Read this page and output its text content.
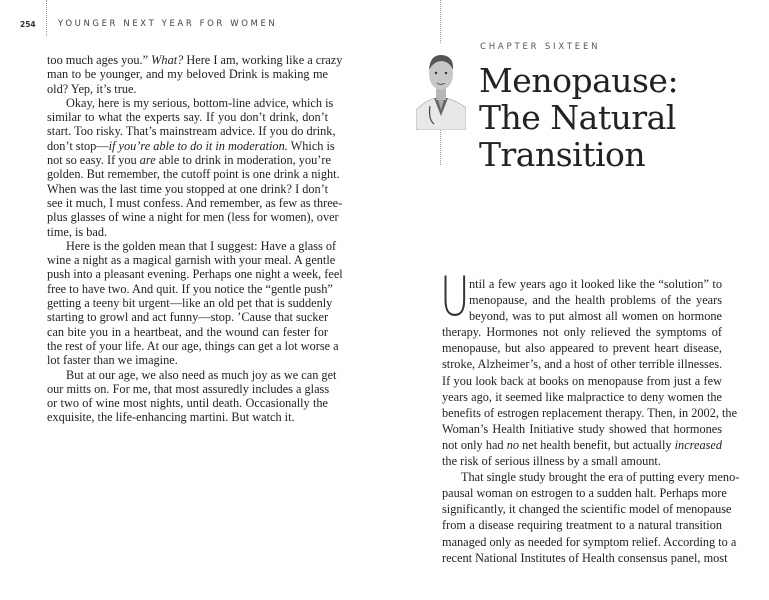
254	YOUNGER NEXT YEAR FOR WOMEN
too much ages you.” What? Here I am, working like a crazy
man to be younger, and my beloved Drink is making me
old? Yep, it’s true.
Okay, here is my serious, bottom-line advice, which is
similar to what the experts say. If you don’t drink, don’t
start. Too risky. That’s mainstream advice. If you do drink,
don’t stop—if you’re able to do it in moderation. Which is
not so easy. If you are able to drink in moderation, you’re
golden. But remember, the cutoff point is one drink a night.
When was the last time you stopped at one drink? I don’t
see it much, I must confess. And remember, as few as three-
plus glasses of wine a night for men (less for women), over
time, is bad.
Here is the golden mean that I suggest: Have a glass of
wine a night as a magical garnish with your meal. A gentle
push into a pleasant evening. Perhaps one night a week, feel
free to have two. And quit. If you notice the “gentle push”
getting a teeny bit urgent—like an old pet that is suddenly
starting to growl and act funny—stop. ’Cause that sucker
can bite you in a heartbeat, and the wound can fester for
the rest of your life. At our age, things can get a lot worse a
lot faster than we imagine.
But at our age, we also need as much joy as we can get
our mitts on. For me, that most assuredly includes a glass
or two of wine most nights, until death. Occasionally the
exquisite, the life-enhancing martini. But watch it.
CHAPTER SIXTEEN
Menopause:
The Natural
Transition
U ntil a few years ago it looked like the “solution” to
menopause, and the health problems of the years
beyond, was to put almost all women on hormone
therapy. Hormones not only relieved the symptoms of
menopause, but also appeared to prevent heart disease,
stroke, Alzheimer’s, and a host of other terrible illnesses.
If you look back at books on menopause from just a few
years ago, it seemed like malpractice to deny women the
benefits of estrogen replacement therapy. Then, in 2002, the
Woman’s Health Initiative study showed that hormones
not only had no net health benefit, but actually increased
the risk of serious illness by a small amount.
That single study brought the era of putting every meno-
pausal woman on estrogen to a sudden halt. Perhaps more
significantly, it changed the scientific model of menopause
from a disease requiring treatment to a natural transition
managed only as needed for symptom relief. According to a
recent National Institutes of Health consensus panel, most
